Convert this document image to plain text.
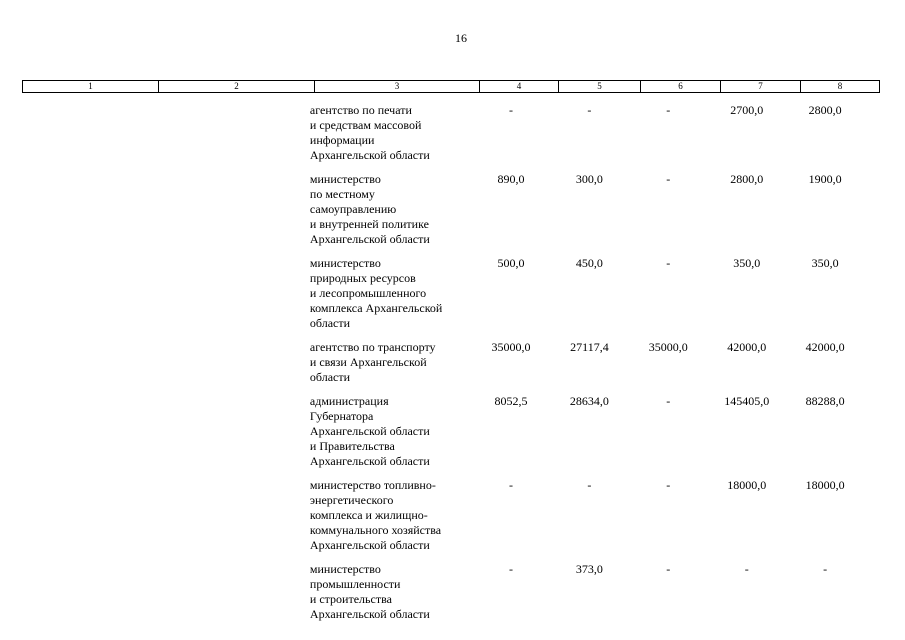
16
1	2	3	4	5	6	7	8
агентство по печати
и средствам массовой
информации
Архангельской области
-	-	-	2700,0	2800,0
министерство
по местному
самоуправлению
и внутренней политике
Архангельской области
890,0	300,0	-	2800,0	1900,0
министерство
природных ресурсов
и лесопромышленного
комплекса Архангельской
области
500,0	450,0	-	350,0	350,0
агентство по транспорту
и связи Архангельской
области
35000,0	27117,4	35000,0	42000,0	42000,0
администрация
Губернатора
Архангельской области
и Правительства
Архангельской области
8052,5	28634,0	-	145405,0	88288,0
министерство топливно-
энергетического
комплекса и жилищно-
коммунального хозяйства
Архангельской области
-	-	-	18000,0	18000,0
министерство
промышленности
и строительства
Архангельской области
-	373,0	-	-	-
